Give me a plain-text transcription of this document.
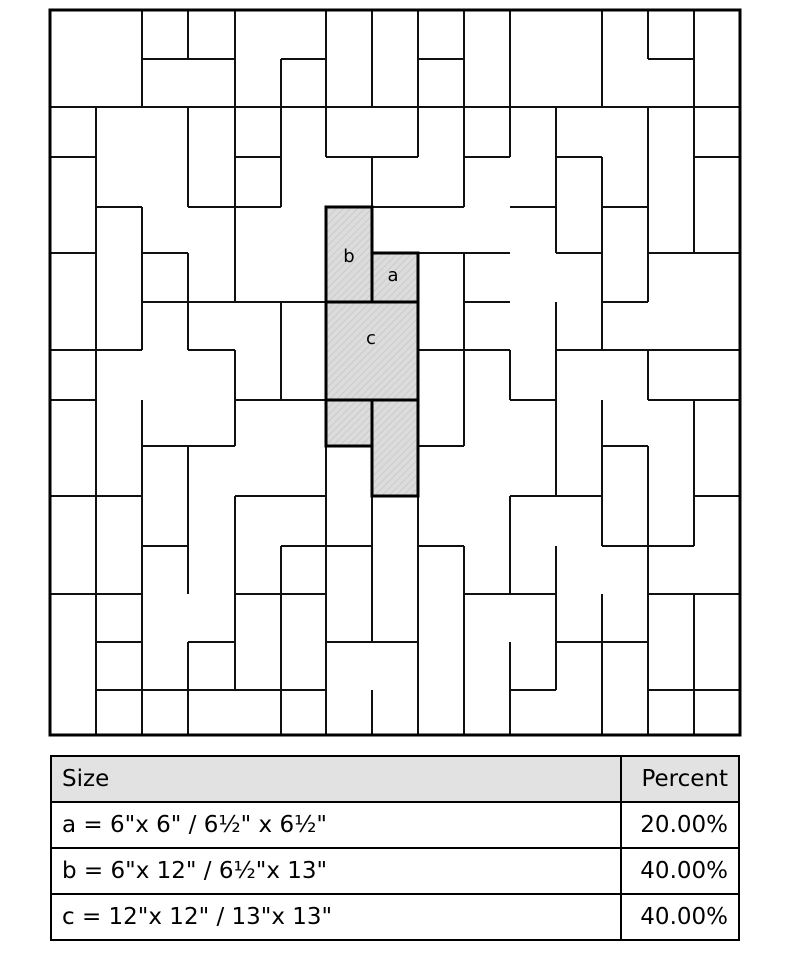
b
a
c
Size	Percent
a = 6"x 6" / 6½" x 6½"	20.00%
b = 6"x 12" / 6½"x 13"	40.00%
c = 12"x 12" / 13"x 13"	40.00%
